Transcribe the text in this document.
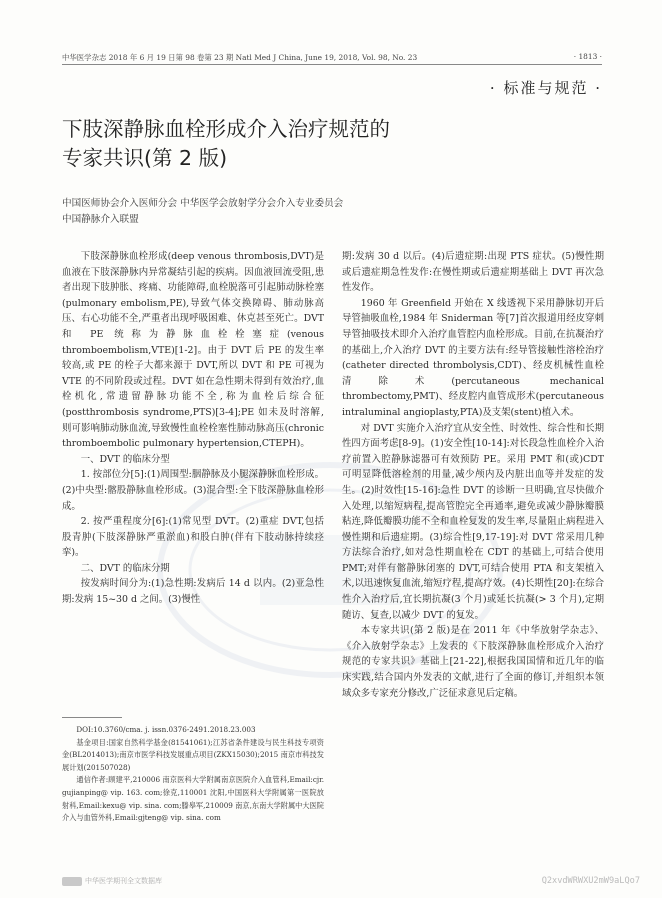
中华医学杂志 2018 年 6 月 19 日第 98 卷第 23 期 Natl Med J China, June 19, 2018, Vol. 98, No. 23	· 1813 ·
· 标准与规范 ·
下肢深静脉血栓形成介入治疗规范的
专家共识(第 2 版)
中国医师协会介入医师分会 中华医学会放射学分会介入专业委员会
中国静脉介入联盟

下肢深静脉血栓形成(deep venous thrombosis,DVT)是血液在下肢深静脉内异常凝结引起的疾病。因血液回流受阻,患者出现下肢肿胀、疼痛、功能障碍,血栓脱落可引起肺动脉栓塞(pulmonary embolism,PE),导致气体交换障碍、肺动脉高压、右心功能不全,严重者出现呼吸困难、休克甚至死亡。DVT 和 PE 统称为静脉血栓栓塞症(venous thromboembolism,VTE)[1-2]。由于 DVT 后 PE 的发生率较高,或 PE 的栓子大都来源于 DVT,所以 DVT 和 PE 可视为 VTE 的不同阶段或过程。DVT 如在急性期未得到有效治疗,血栓机化,常遗留静脉功能不全,称为血栓后综合征(postthrombosis syndrome,PTS)[3-4];PE 如未及时溶解,则可影响肺动脉血流,导致慢性血栓栓塞性肺动脉高压(chronic thromboembolic pulmonary hypertension,CTEPH)。

一、DVT 的临床分型

1. 按部位分[5]:(1)周围型:胭静脉及小腿深静脉血栓形成。(2)中央型:髂股静脉血栓形成。(3)混合型:全下肢深静脉血栓形成。

2. 按严重程度分[6]:(1)常见型 DVT。(2)重症 DVT,包括股青肿(下肢深静脉严重淤血)和股白肿(伴有下肢动脉持续痉挛)。

二、DVT 的临床分期

按发病时间分为:(1)急性期:发病后 14 d 以内。(2)亚急性期:发病 15~30 d 之间。(3)慢性

DOI:10.3760/cma. j. issn.0376-2491.2018.23.003
基金项目:国家自然科学基金(81541061);江苏省条件建设与民生科技专项资金(BL2014013);南京市医学科技发展重点项目(ZKX15030);2015 南京市科技发展计划(201507028)
通信作者:顾建平,210006 南京医科大学附属南京医院介入血管科,Email:cjr. gujianping@ vip. 163. com;徐克,110001 沈阳,中国医科大学附属第一医院放射科,Email:kexu@ vip. sina. com;滕皋军,210009 南京,东南大学附属中大医院介入与血管外科,Email:gjteng@ vip. sina. com

期:发病 30 d 以后。(4)后遗症期:出现 PTS 症状。(5)慢性期或后遗症期急性发作:在慢性期或后遗症期基础上 DVT 再次急性发作。

1960 年 Greenfield 开始在 X 线透视下采用静脉切开后导管抽吸血栓,1984 年 Sniderman 等[7]首次报道用经皮穿刺导管抽吸技术即介入治疗血管腔内血栓形成。目前,在抗凝治疗的基础上,介入治疗 DVT 的主要方法有:经导管接触性溶栓治疗(catheter directed thrombolysis,CDT)、经皮机械性血栓清除术(percutaneous mechanical thrombectomy,PMT)、经皮腔内血管成形术(percutaneous intraluminal angioplasty,PTA)及支架(stent)植入术。

对 DVT 实施介入治疗宜从安全性、时效性、综合性和长期性四方面考虑[8-9]。(1)安全性[10-14]:对长段急性血栓介入治疗前置入腔静脉滤器可有效预防 PE。采用 PMT 和(或)CDT 可明显降低溶栓剂的用量,减少颅内及内脏出血等并发症的发生。(2)时效性[15-16]:急性 DVT 的诊断一旦明确,宜尽快做介入处理,以缩短病程,提高管腔完全再通率,避免或减少静脉瓣膜粘连,降低瓣膜功能不全和血栓复发的发生率,尽量阻止病程进入慢性期和后遗症期。(3)综合性[9,17-19]:对 DVT 常采用几种方法综合治疗,如对急性期血栓在 CDT 的基础上,可结合使用 PMT;对伴有髂静脉闭塞的 DVT,可结合使用 PTA 和支架植入术,以迅速恢复血流,缩短疗程,提高疗效。(4)长期性[20]:在综合性介入治疗后,宜长期抗凝(3 个月)或延长抗凝(> 3 个月),定期随访、复查,以减少 DVT 的复发。

本专家共识(第 2 版)是在 2011 年《中华放射学杂志》、《介入放射学杂志》上发表的《下肢深静脉血栓形成介入治疗规范的专家共识》基础上[21-22],根据我国国情和近几年的临床实践,结合国内外发表的文献,进行了全面的修订,并组织本领域众多专家充分修改,广泛征求意见后定稿。

中华医学期刊全文数据库	Q2xvdWRWXU2mW9aLQo7
